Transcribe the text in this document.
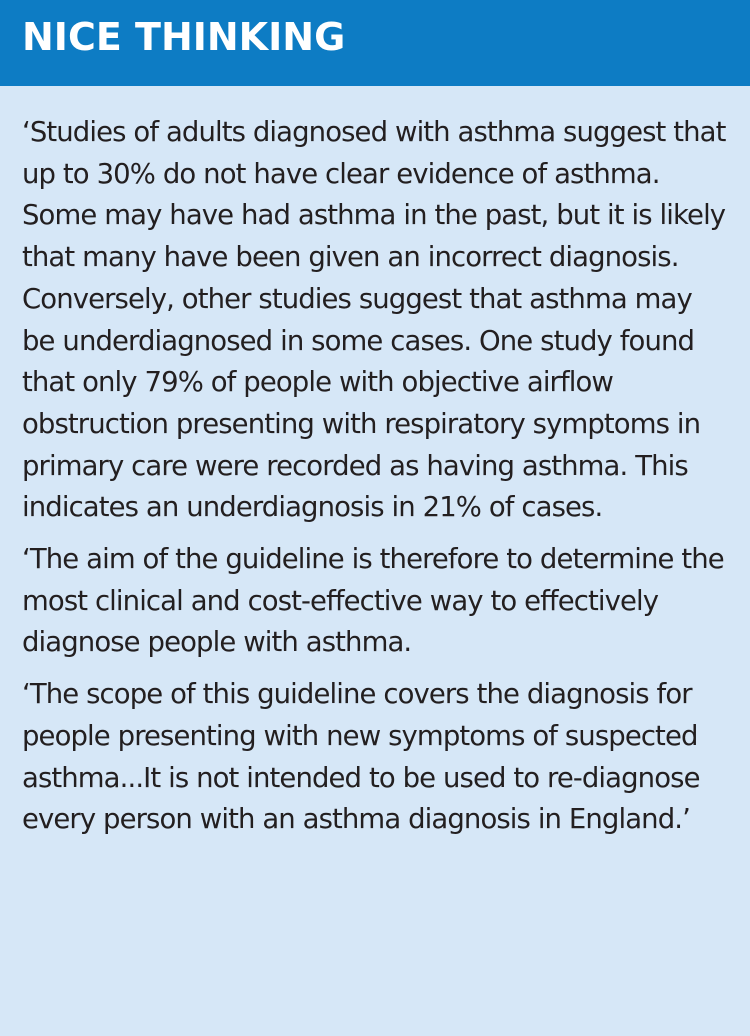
NICE THINKING

‘Studies of adults diagnosed with asthma suggest that up to 30% do not have clear evidence of asthma. Some may have had asthma in the past, but it is likely that many have been given an incorrect diagnosis. Conversely, other studies suggest that asthma may be underdiagnosed in some cases. One study found that only 79% of people with objective airflow obstruction presenting with respiratory symptoms in primary care were recorded as having asthma. This indicates an underdiagnosis in 21% of cases.

‘The aim of the guideline is therefore to determine the most clinical and cost-effective way to effectively diagnose people with asthma.

‘The scope of this guideline covers the diagnosis for people presenting with new symptoms of suspected asthma...It is not intended to be used to re-diagnose every person with an asthma diagnosis in England.’
